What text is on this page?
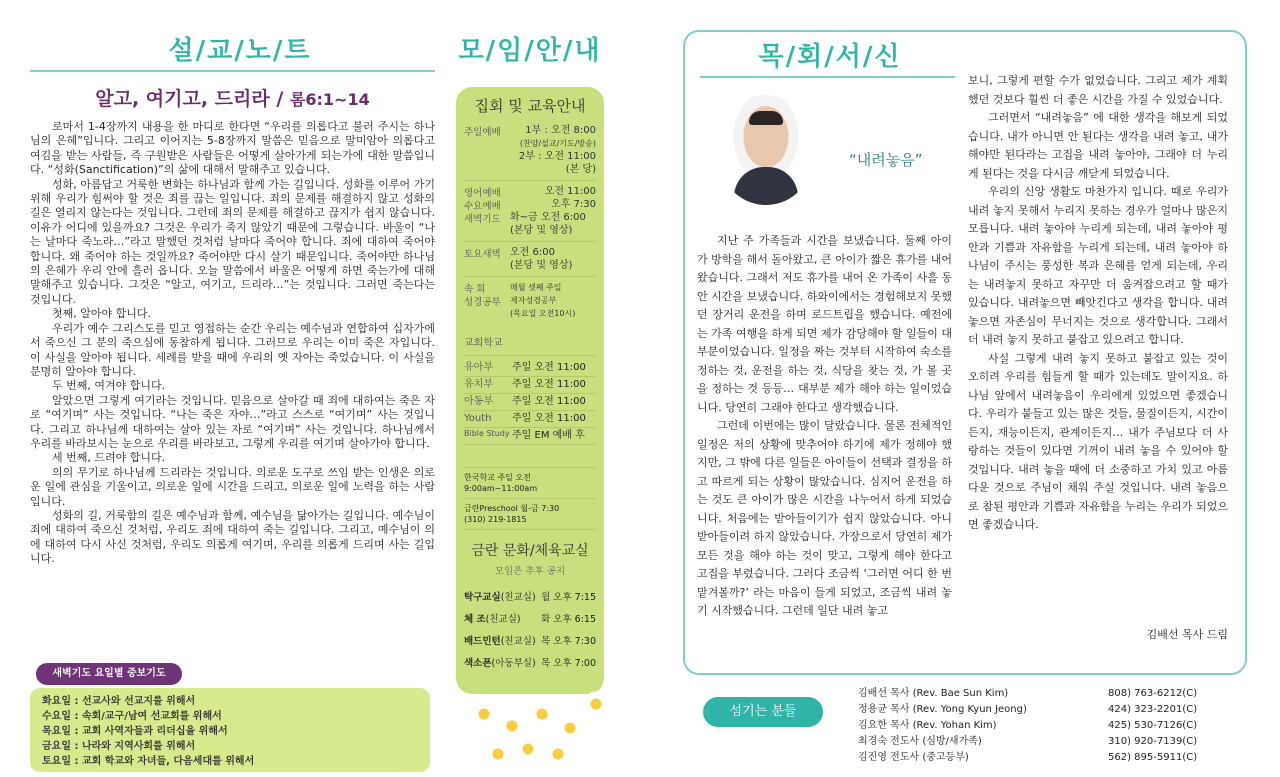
설/교/노/트
알고, 여기고, 드리라 / 롬6:1~14

로마서 1-4장까지 내용을 한 마디로 한다면 “우리를 의롭다고 불러 주시는 하나님의 은혜”입니다. 그리고 이어지는 5-8장까지 말씀은 믿음으로 말미암아 의롭다고 여김을 받는 사람들, 즉 구원받은 사람들은 어떻게 살아가게 되는가에 대한 말씀입니다. “성화(Sanctification)”의 삶에 대해서 말해주고 있습니다.

성화, 아름답고 거룩한 변화는 하나님과 함께 가는 길입니다. 성화를 이루어 가기 위해 우리가 힘써야 할 것은 죄를 끊는 일입니다. 죄의 문제를 해결하지 않고 성화의 길은 열리지 않는다는 것입니다. 그런데 죄의 문제를 해결하고 끊지가 쉽지 않습니다. 이유가 어디에 있을까요? 그것은 우리가 죽지 않았기 때문에 그렇습니다. 바울이 “나는 날마다 죽노라…”라고 말했던 것처럼 날마다 죽어야 합니다. 죄에 대하여 죽어야 합니다. 왜 죽어야 하는 것일까요? 죽어야만 다시 살기 때문입니다. 죽어야만 하나님의 은혜가 우리 안에 흘러 옵니다. 오늘 말씀에서 바울은 어떻게 하면 죽는가에 대해 말해주고 있습니다. 그것은 “알고, 여기고, 드리라…”는 것입니다. 그러면 죽는다는 것입니다.

첫째, 알아야 합니다.

우리가 예수 그리스도를 믿고 영접하는 순간 우리는 예수님과 연합하여 십자가에서 죽으신 그 분의 죽으심에 동참하게 됩니다. 그러므로 우리는 이미 죽은 자입니다. 이 사실을 알아야 됩니다. 세례를 받을 때에 우리의 옛 자아는 죽었습니다. 이 사실을 분명히 알아야 합니다.

두 번째, 여겨야 합니다.

알았으면 그렇게 여기라는 것입니다. 믿음으로 살아갈 때 죄에 대하여는 죽은 자로 “여기며” 사는 것입니다. “나는 죽은 자야…”라고 스스로 “여기며” 사는 것입니다. 그리고 하나님께 대하여는 살아 있는 자로 “여기며” 사는 것입니다. 하나님께서 우리를 바라보시는 눈으로 우리를 바라보고, 그렇게 우리를 여기며 살아가야 합니다.

세 번째, 드려야 합니다.

의의 무기로 하나님께 드리라는 것입니다. 의로운 도구로 쓰임 받는 인생은 의로운 일에 관심을 기울이고, 의로운 일에 시간을 드리고, 의로운 일에 노력을 하는 사람입니다.

성화의 길, 거룩함의 길은 예수님과 함께, 예수님을 닮아가는 길입니다. 예수님이 죄에 대하여 죽으신 것처럼, 우리도 죄에 대하여 죽는 길입니다. 그리고, 예수님이 의에 대하여 다시 사신 것처럼, 우리도 의롭게 여기며, 우리를 의롭게 드리며 사는 길입니다.

새벽기도 요일별 중보기도
화요일 : 선교사와 선교지를 위해서
수요일 : 속회/교구/남여 선교회를 위해서
목요일 : 교회 사역자들과 리더십을 위해서
금요일 : 나라와 지역사회를 위해서
토요일 : 교회 학교와 자녀들, 다음세대를 위해서
모/임/안/내
집회 및 교육안내
주일예배	1부 : 오전 8:00
(찬양/설교/기도/방송)
2부 : 오전 11:00
(본 당)
영어예배	오전 11:00
수요예배	오후 7:30
새벽기도 화~금 오전 6:00
(본당 및 영상)
토요새벽 오전 6:00
(본당 및 영상)
속 회	매월 셋째 주일
성경공부	제자성경공부
(목요일 오전10시)
교회학교
유아부	주일 오전 11:00
유치부	주일 오전 11:00
아동부	주일 오전 11:00
Youth	주일 오전 11:00
Bible Study 주일 EM 예배 후
한국학교 주일 오전 9:00am~11:00am
금란Preschool 월-금 7:30
(310) 219-1815
금란 문화/체육교실
모임은 추후 공지
탁구교실(친교실) 월 오후 7:15
체 조(친교실) 화 오후 6:15
배드민턴(친교실) 목 오후 7:30
색소폰(아동부실) 목 오후 7:00
목/회/서/신
“내려놓음”

지난 주 가족들과 시간을 보냈습니다. 둘째 아이가 방학을 해서 돌아왔고, 큰 아이가 짧은 휴가를 내어 왔습니다. 그래서 저도 휴가를 내어 온 가족이 사흘 동안 시간을 보냈습니다. 하와이에서는 경험해보지 못했던 장거리 운전을 하며 로드트립을 했습니다. 예전에는 가족 여행을 하게 되면 제가 감당해야 할 일들이 대부분이었습니다. 일정을 짜는 것부터 시작하여 숙소를 정하는 것, 운전을 하는 것, 식당을 찾는 것, 가 볼 곳을 정하는 것 등등… 대부분 제가 해야 하는 일이었습니다. 당연히 그래야 한다고 생각했습니다.

그런데 이번에는 많이 달랐습니다. 물론 전체적인 일정은 저의 상황에 맞추어야 하기에 제가 정해야 했지만, 그 밖에 다른 일들은 아이들이 선택과 결정을 하고 따르게 되는 상황이 많았습니다. 심지어 운전을 하는 것도 큰 아이가 많은 시간을 나누어서 하게 되었습니다. 처음에는 받아들이기가 쉽지 않았습니다. 아니 받아들이려 하지 않았습니다. 가장으로서 당연히 제가 모든 것을 해야 하는 것이 맞고, 그렇게 해야 한다고 고집을 부렸습니다. 그러다 조금씩 ‘그러면 어디 한 번 맡겨볼까?’ 라는 마음이 들게 되었고, 조금씩 내려 놓기 시작했습니다. 그런데 일단 내려 놓고

보니, 그렇게 편할 수가 없었습니다. 그리고 제가 계획했던 것보다 훨씬 더 좋은 시간을 가질 수 있었습니다.

그러면서 “내려놓음” 에 대한 생각을 해보게 되었습니다. 내가 아니면 안 된다는 생각을 내려 놓고, 내가 해야만 된다라는 고집을 내려 놓아야, 그래야 더 누리게 된다는 것을 다시금 깨닫게 되었습니다.

우리의 신앙 생활도 마찬가지 입니다. 때로 우리가 내려 놓지 못해서 누리지 못하는 경우가 얼마나 많은지 모릅니다. 내려 놓아야 누리게 되는데, 내려 놓아야 평안과 기쁨과 자유함을 누리게 되는데, 내려 놓아야 하나님이 주시는 풍성한 복과 은혜를 얻게 되는데, 우리는 내려놓지 못하고 자꾸만 더 움켜잡으려고 할 때가 있습니다. 내려놓으면 빼앗긴다고 생각을 합니다. 내려 놓으면 자존심이 무너지는 것으로 생각합니다. 그래서 더 내려 놓지 못하고 붙잡고 있으려고 합니다.

사실 그렇게 내려 놓지 못하고 붙잡고 있는 것이 오히려 우리를 힘들게 할 때가 있는데도 말이지요. 하나님 앞에서 내려놓음이 우리에게 있었으면 좋겠습니다. 우리가 붙들고 있는 많은 것들, 물질이든지, 시간이든지, 재능이든지, 관계이든지… 내가 주님보다 더 사랑하는 것들이 있다면 기꺼이 내려 놓을 수 있어야 할 것입니다. 내려 놓을 때에 더 소중하고 가치 있고 아름다운 것으로 주님이 채워 주실 것입니다. 내려 놓음으로 참된 평안과 기쁨과 자유함을 누리는 우리가 되었으면 좋겠습니다.

김배선 목사 드림
섬기는 분들
김배선 목사 (Rev. Bae Sun Kim)	808) 763-6212(C)
정용균 목사 (Rev. Yong Kyun Jeong)	424) 323-2201(C)
김요한 목사 (Rev. Yohan Kim)	425) 530-7126(C)
최경숙 전도사 (심방/새가족)	310) 920-7139(C)
김진영 전도사 (중고등부)	562) 895-5911(C)
